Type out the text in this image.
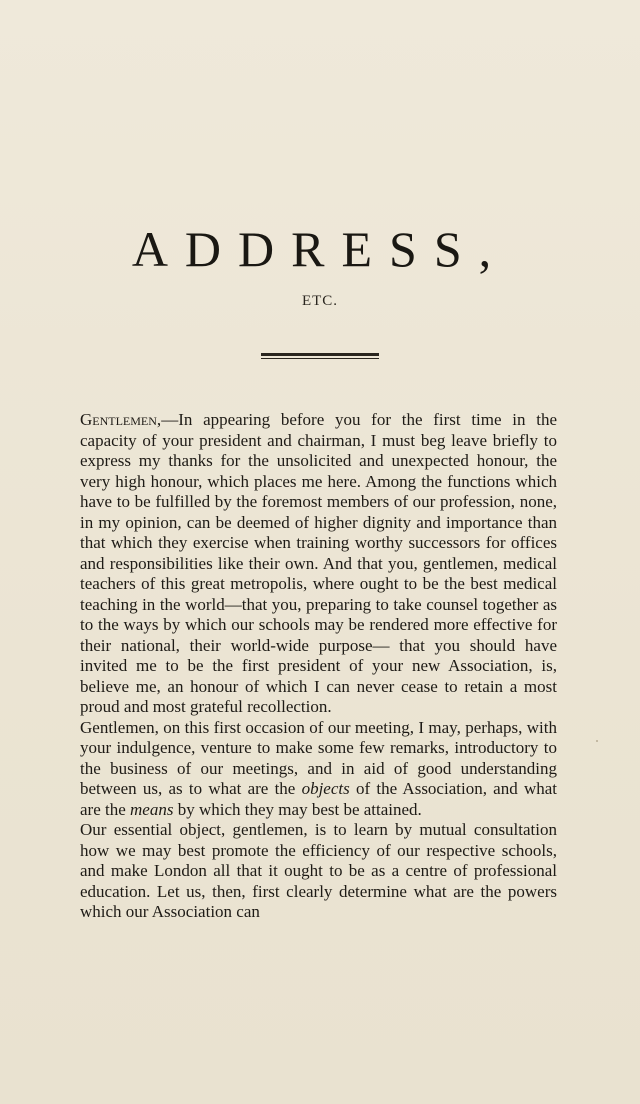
ADDRESS,
ETC.

Gentlemen,—In appearing before you for the first time in the capacity of your president and chairman, I must beg leave briefly to express my thanks for the unsolicited and unexpected honour, the very high honour, which places me here. Among the functions which have to be fulfilled by the foremost members of our profession, none, in my opinion, can be deemed of higher dignity and importance than that which they exercise when training worthy successors for offices and responsibilities like their own. And that you, gentlemen, medical teachers of this great metropolis, where ought to be the best medical teaching in the world—that you, preparing to take counsel together as to the ways by which our schools may be rendered more effective for their national, their world-wide purpose— that you should have invited me to be the first president of your new Association, is, believe me, an honour of which I can never cease to retain a most proud and most grateful recollection.

Gentlemen, on this first occasion of our meeting, I may, perhaps, with your indulgence, venture to make some few remarks, introductory to the business of our meetings, and in aid of good understanding between us, as to what are the objects of the Association, and what are the means by which they may best be attained.

Our essential object, gentlemen, is to learn by mutual consultation how we may best promote the efficiency of our respective schools, and make London all that it ought to be as a centre of professional education. Let us, then, first clearly determine what are the powers which our Association can
